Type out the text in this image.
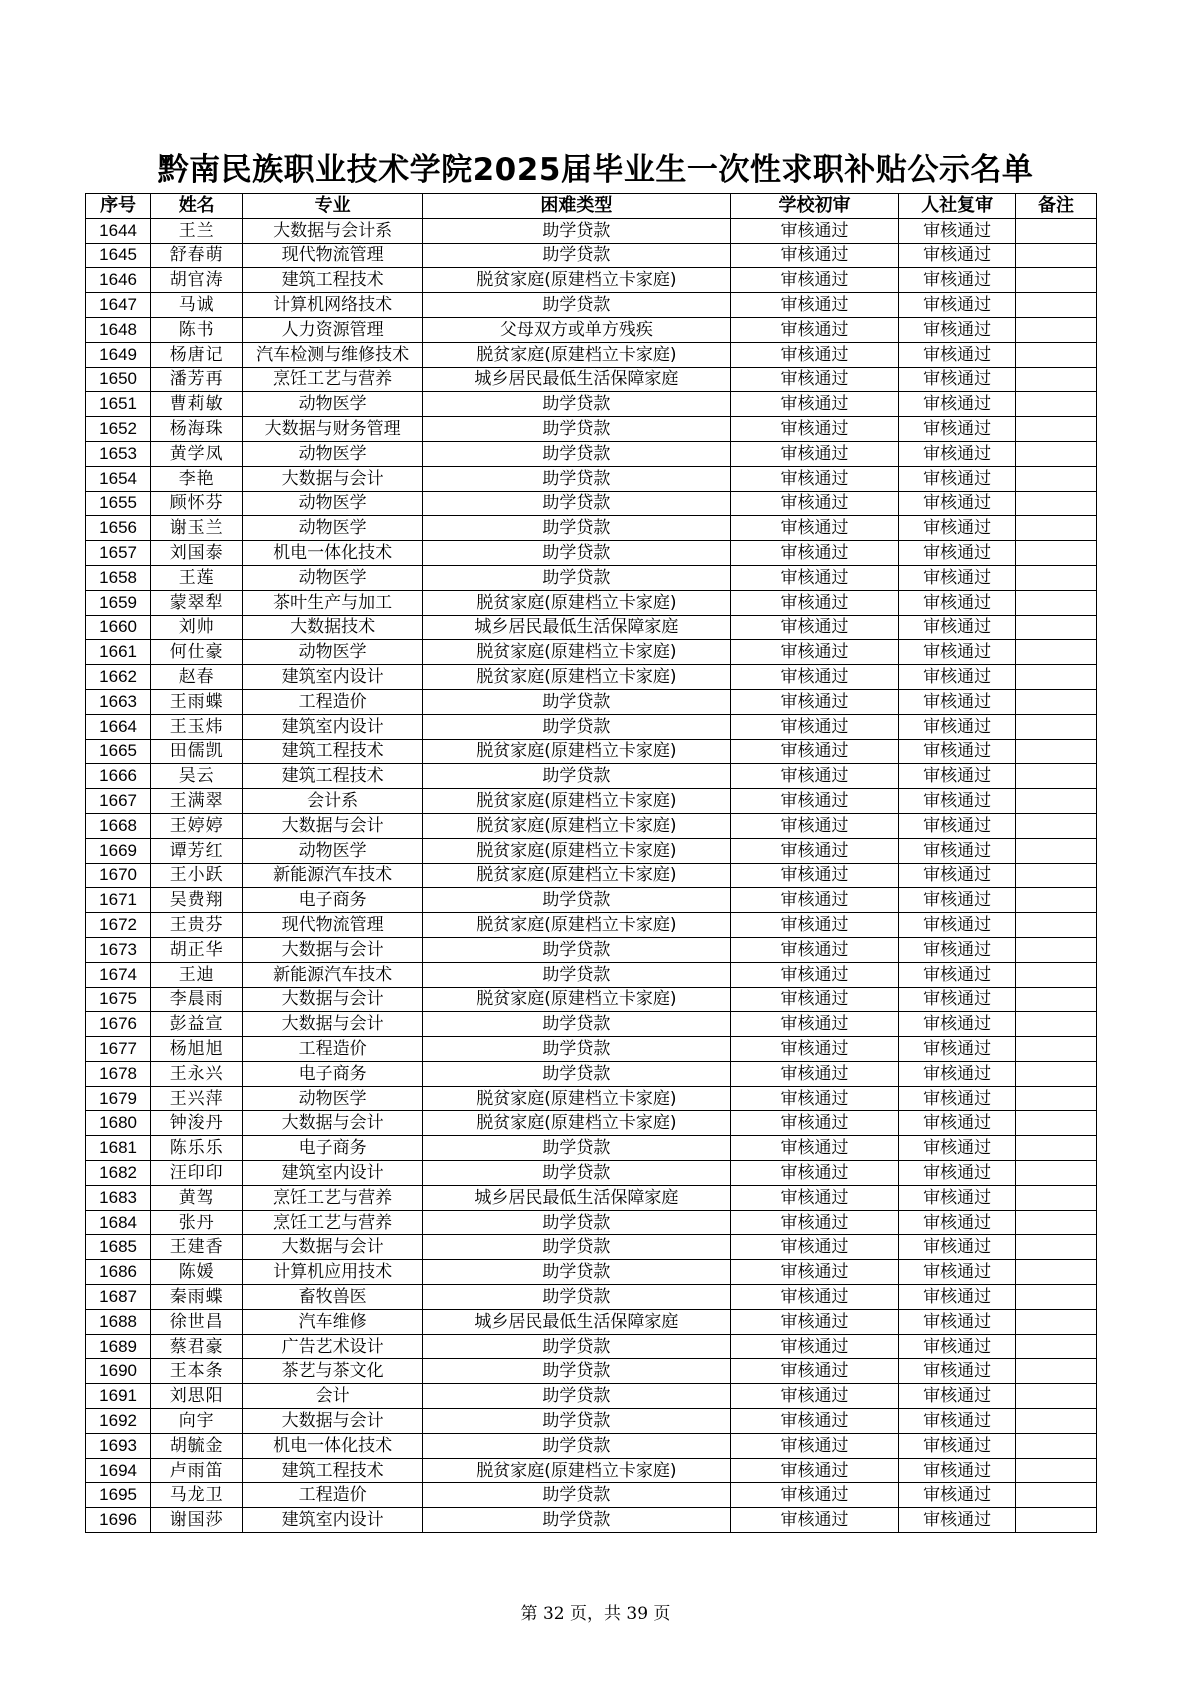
黔南民族职业技术学院2025届毕业生一次性求职补贴公示名单
序号	姓名	专业	困难类型	学校初审	人社复审	备注
1644	王兰	大数据与会计系	助学贷款	审核通过	审核通过	
1645	舒春萌	现代物流管理	助学贷款	审核通过	审核通过	
1646	胡官涛	建筑工程技术	脱贫家庭(原建档立卡家庭)	审核通过	审核通过	
1647	马诚	计算机网络技术	助学贷款	审核通过	审核通过	
1648	陈书	人力资源管理	父母双方或单方残疾	审核通过	审核通过	
1649	杨唐记	汽车检测与维修技术	脱贫家庭(原建档立卡家庭)	审核通过	审核通过	
1650	潘芳再	烹饪工艺与营养	城乡居民最低生活保障家庭	审核通过	审核通过	
1651	曹莉敏	动物医学	助学贷款	审核通过	审核通过	
1652	杨海珠	大数据与财务管理	助学贷款	审核通过	审核通过	
1653	黄学凤	动物医学	助学贷款	审核通过	审核通过	
1654	李艳	大数据与会计	助学贷款	审核通过	审核通过	
1655	顾怀芬	动物医学	助学贷款	审核通过	审核通过	
1656	谢玉兰	动物医学	助学贷款	审核通过	审核通过	
1657	刘国泰	机电一体化技术	助学贷款	审核通过	审核通过	
1658	王莲	动物医学	助学贷款	审核通过	审核通过	
1659	蒙翠犁	茶叶生产与加工	脱贫家庭(原建档立卡家庭)	审核通过	审核通过	
1660	刘帅	大数据技术	城乡居民最低生活保障家庭	审核通过	审核通过	
1661	何仕豪	动物医学	脱贫家庭(原建档立卡家庭)	审核通过	审核通过	
1662	赵春	建筑室内设计	脱贫家庭(原建档立卡家庭)	审核通过	审核通过	
1663	王雨蝶	工程造价	助学贷款	审核通过	审核通过	
1664	王玉炜	建筑室内设计	助学贷款	审核通过	审核通过	
1665	田儒凯	建筑工程技术	脱贫家庭(原建档立卡家庭)	审核通过	审核通过	
1666	吴云	建筑工程技术	助学贷款	审核通过	审核通过	
1667	王满翠	会计系	脱贫家庭(原建档立卡家庭)	审核通过	审核通过	
1668	王婷婷	大数据与会计	脱贫家庭(原建档立卡家庭)	审核通过	审核通过	
1669	谭芳红	动物医学	脱贫家庭(原建档立卡家庭)	审核通过	审核通过	
1670	王小跃	新能源汽车技术	脱贫家庭(原建档立卡家庭)	审核通过	审核通过	
1671	吴费翔	电子商务	助学贷款	审核通过	审核通过	
1672	王贵芬	现代物流管理	脱贫家庭(原建档立卡家庭)	审核通过	审核通过	
1673	胡正华	大数据与会计	助学贷款	审核通过	审核通过	
1674	王迪	新能源汽车技术	助学贷款	审核通过	审核通过	
1675	李晨雨	大数据与会计	脱贫家庭(原建档立卡家庭)	审核通过	审核通过	
1676	彭益宣	大数据与会计	助学贷款	审核通过	审核通过	
1677	杨旭旭	工程造价	助学贷款	审核通过	审核通过	
1678	王永兴	电子商务	助学贷款	审核通过	审核通过	
1679	王兴萍	动物医学	脱贫家庭(原建档立卡家庭)	审核通过	审核通过	
1680	钟浚丹	大数据与会计	脱贫家庭(原建档立卡家庭)	审核通过	审核通过	
1681	陈乐乐	电子商务	助学贷款	审核通过	审核通过	
1682	汪印印	建筑室内设计	助学贷款	审核通过	审核通过	
1683	黄驾	烹饪工艺与营养	城乡居民最低生活保障家庭	审核通过	审核通过	
1684	张丹	烹饪工艺与营养	助学贷款	审核通过	审核通过	
1685	王建香	大数据与会计	助学贷款	审核通过	审核通过	
1686	陈媛	计算机应用技术	助学贷款	审核通过	审核通过	
1687	秦雨蝶	畜牧兽医	助学贷款	审核通过	审核通过	
1688	徐世昌	汽车维修	城乡居民最低生活保障家庭	审核通过	审核通过	
1689	蔡君豪	广告艺术设计	助学贷款	审核通过	审核通过	
1690	王本条	茶艺与茶文化	助学贷款	审核通过	审核通过	
1691	刘思阳	会计	助学贷款	审核通过	审核通过	
1692	向宇	大数据与会计	助学贷款	审核通过	审核通过	
1693	胡毓金	机电一体化技术	助学贷款	审核通过	审核通过	
1694	卢雨笛	建筑工程技术	脱贫家庭(原建档立卡家庭)	审核通过	审核通过	
1695	马龙卫	工程造价	助学贷款	审核通过	审核通过	
1696	谢国莎	建筑室内设计	助学贷款	审核通过	审核通过	
第 32 页，共 39 页
